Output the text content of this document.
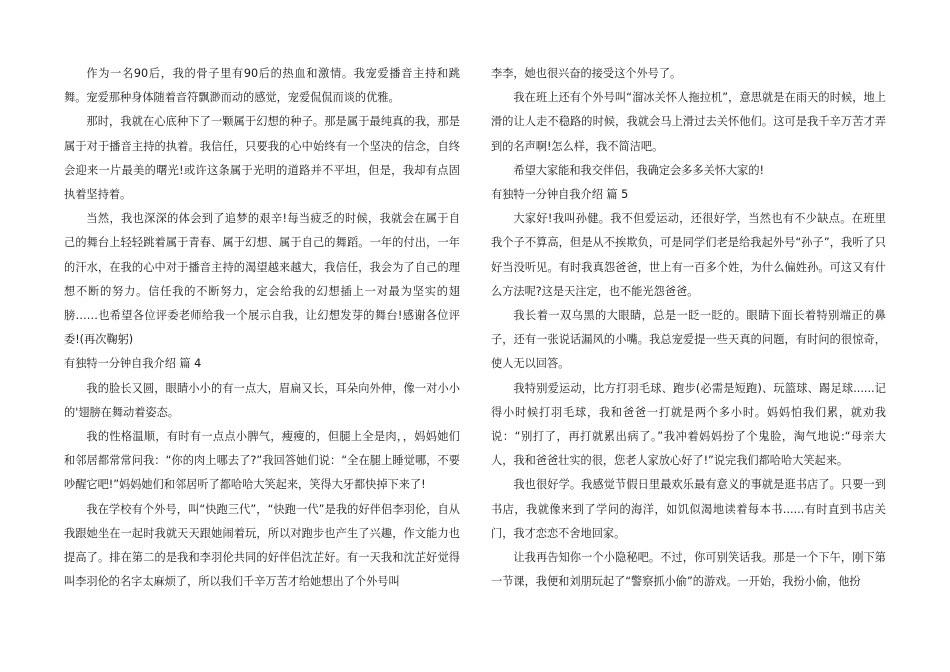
作为一名90后，我的骨子里有90后的热血和激情。我宠爱播音主持和跳舞。宠爱那种身体随着音符飘渺而动的感觉，宠爱侃侃而谈的优雅。

那时，我就在心底种下了一颗属于幻想的种子。那是属于最纯真的我，那是属于对于播音主持的执着。我信任，只要我的心中始终有一个坚决的信念，自终会迎来一片最美的曙光!或许这条属于光明的道路并不平坦，但是，我却有点固执着坚持着。

当然，我也深深的体会到了追梦的艰辛!每当疲乏的时候，我就会在属于自己的舞台上轻轻跳着属于青春、属于幻想、属于自己的舞蹈。一年的付出，一年的汗水，在我的心中对于播音主持的渴望越来越大，我信任，我会为了自己的理想不断的努力。信任我的不断努力，定会给我的幻想插上一对最为坚实的翅膀……也希望各位评委老师给我一个展示自我，让幻想发芽的舞台!感谢各位评委!(再次鞠躬)

有独特一分钟自我介绍 篇 4

我的脸长又圆，眼睛小小的有一点大，眉扁又长，耳朵向外伸，像一对小小的'翅膀在舞动着姿态。

我的性格温顺，有时有一点点小脾气，瘦瘦的，但腿上全是肉，，妈妈她们和邻居都常常问我：“你的肉上哪去了?”我回答她们说：“全在腿上睡觉哪，不要吵醒它吧!”妈妈她们和邻居听了都哈哈大笑起来，笑得大牙都快掉下来了!

我在学校有个外号，叫“快跑三代”，“快跑一代”是我的好伴侣李羽伦，自从我跟她坐在一起时我就天天跟她闹着玩，所以对跑步也产生了兴趣，作文能力也提高了。排在第二的是我和李羽伦共同的好伴侣沈芷好。有一天我和沈芷好觉得叫李羽伦的名字太麻烦了，所以我们千辛万苦才给她想出了个外号叫

李李，她也很兴奋的接受这个外号了。

我在班上还有个外号叫“溜冰关怀人拖拉机”，意思就是在雨天的时候，地上滑的让人走不稳路的时候，我就会马上滑过去关怀他们。这可是我千辛万苦才弄到的名声啊!怎么样，我不简洁吧。

希望大家能和我交伴侣，我确定会多多关怀大家的!

有独特一分钟自我介绍 篇 5

大家好!我叫孙健。我不但爱运动，还很好学，当然也有不少缺点。在班里我个子不算高，但是从不挨欺负，可是同学们老是给我起外号“孙子”，我听了只好当没听见。有时我真怨爸爸，世上有一百多个姓，为什么偏姓孙。可这又有什么方法呢?这是天注定，也不能光怨爸爸。

我长着一双乌黑的大眼睛，总是一眨一眨的。眼睛下面长着特别端正的鼻子，还有一张说话漏风的小嘴。我总宠爱提一些天真的问题，有时问的很惊奇，使人无以回答。

我特别爱运动，比方打羽毛球、跑步(必需是短跑)、玩篮球、踢足球......记得小时候打羽毛球，我和爸爸一打就是两个多小时。妈妈怕我们累，就劝我说：“别打了，再打就累出病了。”我冲着妈妈扮了个鬼脸，淘气地说:“母亲大人，我和爸爸壮实的很，您老人家放心好了!”说完我们都哈哈大笑起来。

我也很好学。我感觉节假日里最欢乐最有意义的事就是逛书店了。只要一到书店，我就像来到了学问的海洋，如饥似渴地读着每本书......有时直到书店关门，我才恋恋不舍地回家。

让我再告知你一个小隐秘吧。不过，你可别笑话我。那是一个下午，刚下第一节课，我便和刘朋玩起了“警察抓小偷”的游戏。一开始，我扮小偷，他扮
